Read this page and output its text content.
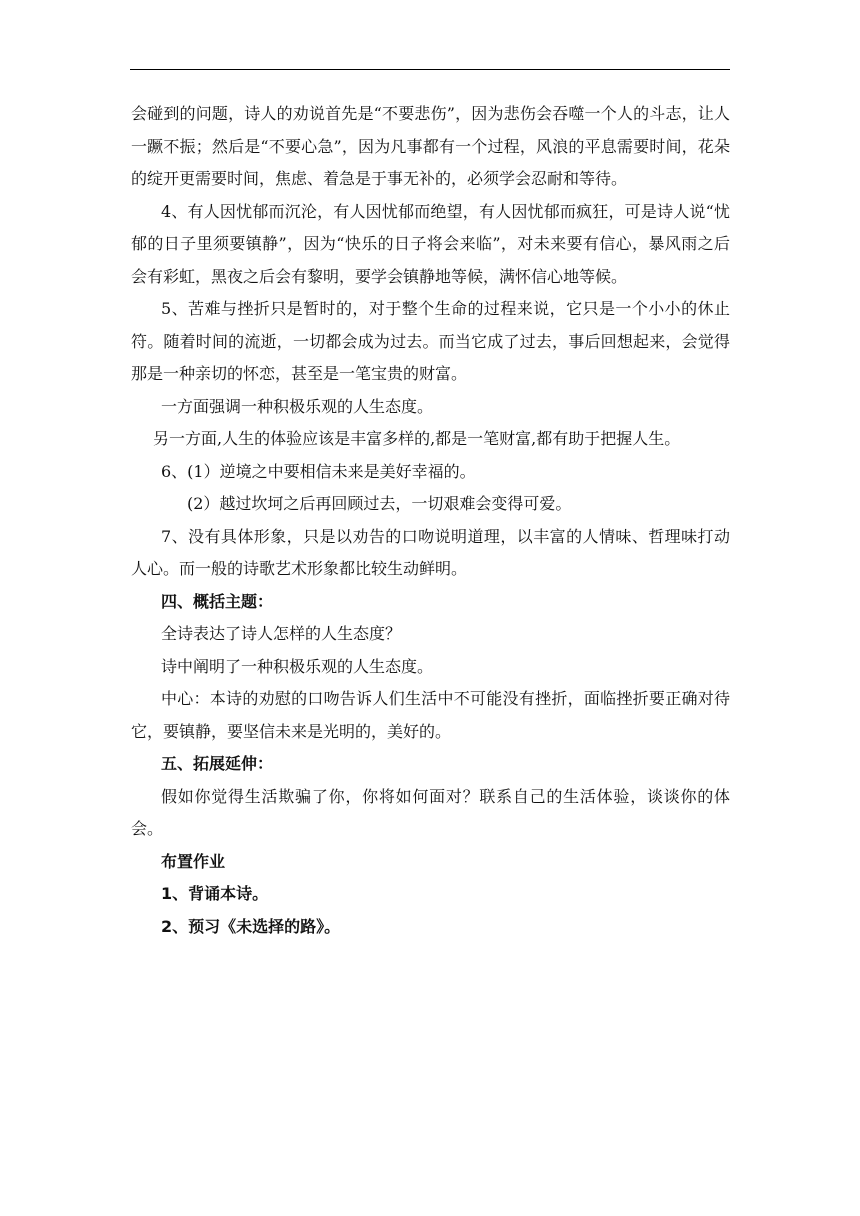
会碰到的问题，诗人的劝说首先是“不要悲伤”，因为悲伤会吞噬一个人的斗志，让人一蹶不振；然后是“不要心急”，因为凡事都有一个过程，风浪的平息需要时间，花朵的绽开更需要时间，焦虑、着急是于事无补的，必须学会忍耐和等待。

4、有人因忧郁而沉沦，有人因忧郁而绝望，有人因忧郁而疯狂，可是诗人说“忧郁的日子里须要镇静”，因为“快乐的日子将会来临”，对未来要有信心，暴风雨之后会有彩虹，黑夜之后会有黎明，要学会镇静地等候，满怀信心地等候。

5、苦难与挫折只是暂时的，对于整个生命的过程来说，它只是一个小小的休止符。随着时间的流逝，一切都会成为过去。而当它成了过去，事后回想起来，会觉得那是一种亲切的怀恋，甚至是一笔宝贵的财富。

一方面强调一种积极乐观的人生态度。

另一方面,人生的体验应该是丰富多样的,都是一笔财富,都有助于把握人生。

6、(1）逆境之中要相信未来是美好幸福的。

(2）越过坎坷之后再回顾过去，一切艰难会变得可爱。

7、没有具体形象，只是以劝告的口吻说明道理，以丰富的人情味、哲理味打动人心。而一般的诗歌艺术形象都比较生动鲜明。

四、概括主题：

全诗表达了诗人怎样的人生态度？

诗中阐明了一种积极乐观的人生态度。

中心：本诗的劝慰的口吻告诉人们生活中不可能没有挫折，面临挫折要正确对待它，要镇静，要坚信未来是光明的，美好的。

五、拓展延伸：

假如你觉得生活欺骗了你，你将如何面对？联系自己的生活体验，谈谈你的体会。

布置作业

1、背诵本诗。

2、预习《未选择的路》。
